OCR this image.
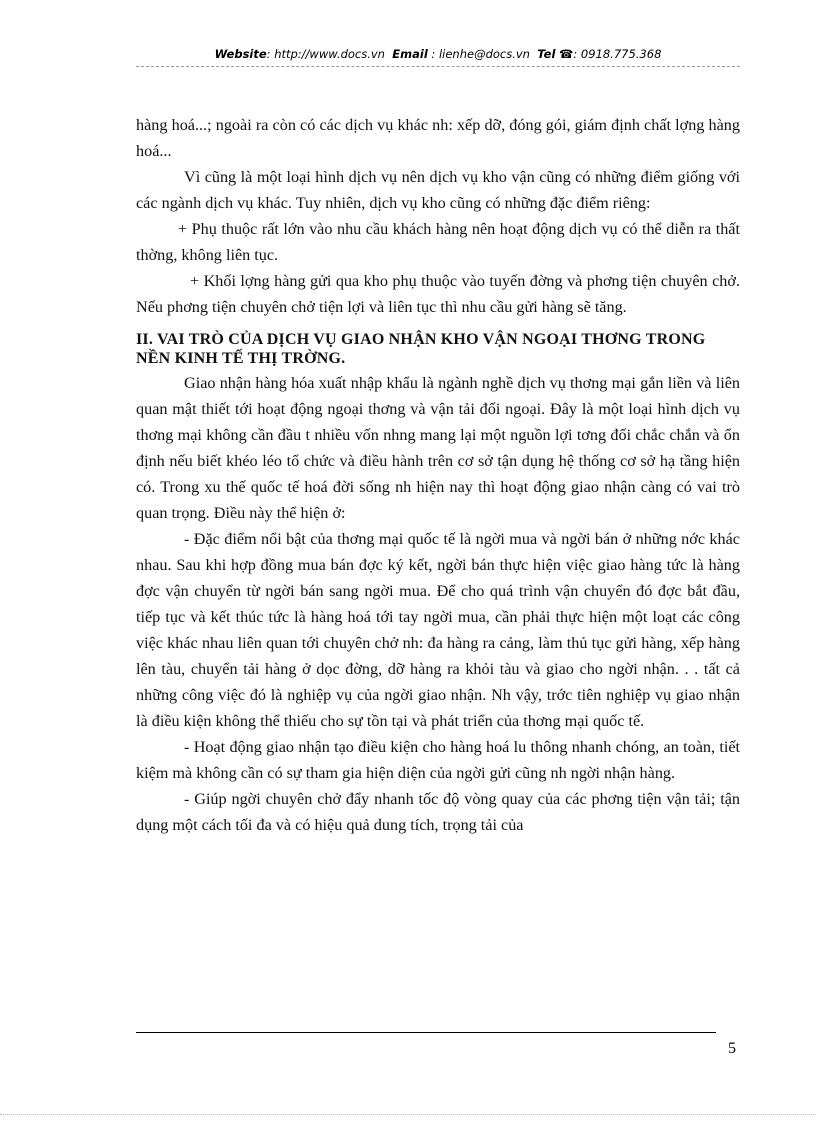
Website: http://www.docs.vn Email : lienhe@docs.vn Tel ☎: 0918.775.368

hàng hoá...; ngoài ra còn có các dịch vụ khác nh: xếp dỡ, đóng gói, giám định chất lợng hàng hoá...

Vì cũng là một loại hình dịch vụ nên dịch vụ kho vận cũng có những điểm giống với các ngành dịch vụ khác. Tuy nhiên, dịch vụ kho cũng có những đặc điểm riêng:

+ Phụ thuộc rất lớn vào nhu cầu khách hàng nên hoạt động dịch vụ có thể diễn ra thất thờng, không liên tục.

+ Khối lợng hàng gửi qua kho phụ thuộc vào tuyến đờng và phơng tiện chuyên chở. Nếu phơng tiện chuyên chở tiện lợi và liên tục thì nhu cầu gửi hàng sẽ tăng.

II. VAI TRÒ CỦA DỊCH VỤ GIAO NHẬN KHO VẬN NGOẠI THƠNG TRONG NỀN KINH TẾ THỊ TRỜNG.

Giao nhận hàng hóa xuất nhập khẩu là ngành nghề dịch vụ thơng mại gắn liền và liên quan mật thiết tới hoạt động ngoại thơng và vận tải đối ngoại. Đây là một loại hình dịch vụ thơng mại không cần đầu t nhiều vốn nhng mang lại một nguồn lợi tơng đối chắc chắn và ổn định nếu biết khéo léo tổ chức và điều hành trên cơ sở tận dụng hệ thống cơ sở hạ tầng hiện có. Trong xu thế quốc tế hoá đời sống nh hiện nay thì hoạt động giao nhận càng có vai trò quan trọng. Điều này thể hiện ở:

- Đặc điểm nổi bật của thơng mại quốc tế là ngời mua và ngời bán ở những nớc khác nhau. Sau khi hợp đồng mua bán đợc ký kết, ngời bán thực hiện việc giao hàng tức là hàng đợc vận chuyển từ ngời bán sang ngời mua. Để cho quá trình vận chuyển đó đợc bắt đầu, tiếp tục và kết thúc tức là hàng hoá tới tay ngời mua, cần phải thực hiện một loạt các công việc khác nhau liên quan tới chuyên chở nh: đa hàng ra cảng, làm thủ tục gửi hàng, xếp hàng lên tàu, chuyển tải hàng ở dọc đờng, dỡ hàng ra khỏi tàu và giao cho ngời nhận. . . tất cả những công việc đó là nghiệp vụ của ngời giao nhận. Nh vậy, trớc tiên nghiệp vụ giao nhận là điều kiện không thể thiếu cho sự tồn tại và phát triển của thơng mại quốc tế.

- Hoạt động giao nhận tạo điều kiện cho hàng hoá lu thông nhanh chóng, an toàn, tiết kiệm mà không cần có sự tham gia hiện diện của ngời gửi cũng nh ngời nhận hàng.

- Giúp ngời chuyên chở đẩy nhanh tốc độ vòng quay của các phơng tiện vận tải; tận dụng một cách tối đa và có hiệu quả dung tích, trọng tải của

5
